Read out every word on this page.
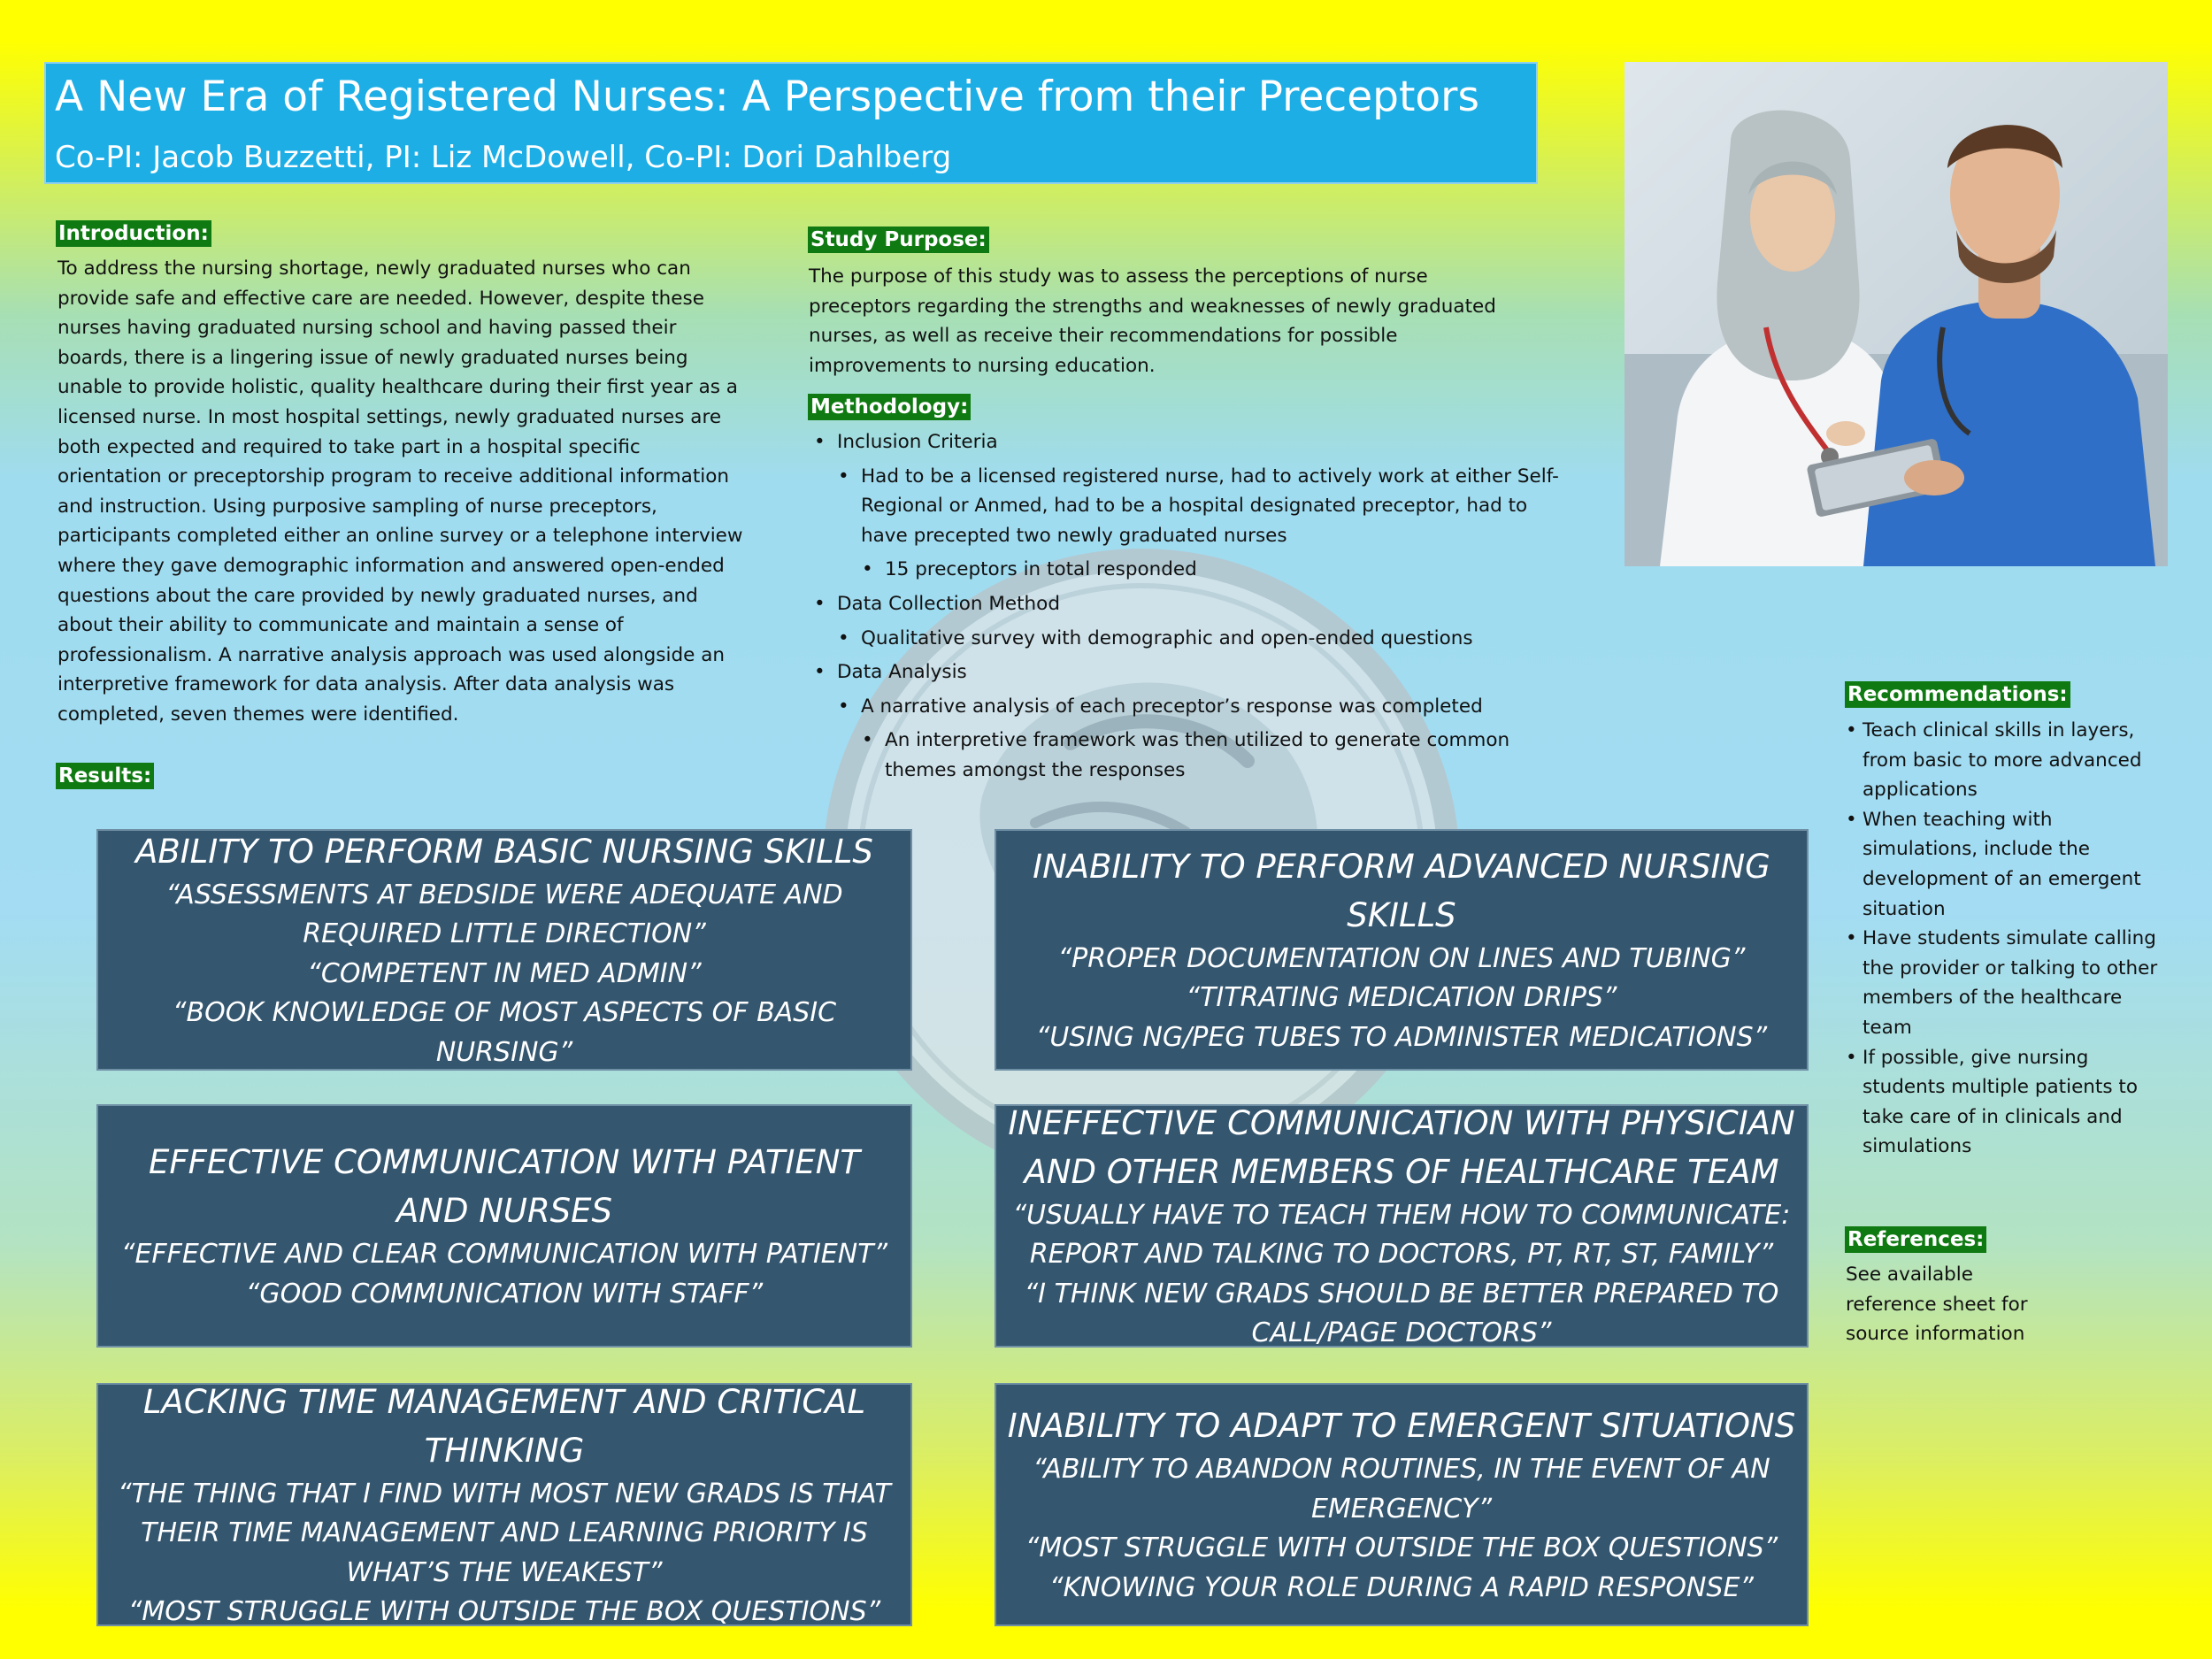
A New Era of Registered Nurses: A Perspective from their Preceptors
Co-PI: Jacob Buzzetti, PI: Liz McDowell, Co-PI: Dori Dahlberg
Introduction:
To address the nursing shortage, newly graduated nurses who can provide safe and effective care are needed. However, despite these nurses having graduated nursing school and having passed their boards, there is a lingering issue of newly graduated nurses being unable to provide holistic, quality healthcare during their first year as a licensed nurse. In most hospital settings, newly graduated nurses are both expected and required to take part in a hospital specific orientation or preceptorship program to receive additional information and instruction. Using purposive sampling of nurse preceptors, participants completed either an online survey or a telephone interview where they gave demographic information and answered open-ended questions about the care provided by newly graduated nurses, and about their ability to communicate and maintain a sense of professionalism. A narrative analysis approach was used alongside an interpretive framework for data analysis. After data analysis was completed, seven themes were identified.
Study Purpose:
The purpose of this study was to assess the perceptions of nurse preceptors regarding the strengths and weaknesses of newly graduated nurses, as well as receive their recommendations for possible improvements to nursing education.
Methodology:
• Inclusion Criteria
• Had to be a licensed registered nurse, had to actively work at either Self-Regional or Anmed, had to be a hospital designated preceptor, had to have precepted two newly graduated nurses
• 15 preceptors in total responded
• Data Collection Method
• Qualitative survey with demographic and open-ended questions
• Data Analysis
• A narrative analysis of each preceptor’s response was completed
• An interpretive framework was then utilized to generate common themes amongst the responses
Results:
ABILITY TO PERFORM BASIC NURSING SKILLS
“ASSESSMENTS AT BEDSIDE WERE ADEQUATE AND REQUIRED LITTLE DIRECTION”
“COMPETENT IN MED ADMIN”
“BOOK KNOWLEDGE OF MOST ASPECTS OF BASIC NURSING”
INABILITY TO PERFORM ADVANCED NURSING SKILLS
“PROPER DOCUMENTATION ON LINES AND TUBING”
“TITRATING MEDICATION DRIPS”
“USING NG/PEG TUBES TO ADMINISTER MEDICATIONS”
EFFECTIVE COMMUNICATION WITH PATIENT AND NURSES
“EFFECTIVE AND CLEAR COMMUNICATION WITH PATIENT”
“GOOD COMMUNICATION WITH STAFF”
INEFFECTIVE COMMUNICATION WITH PHYSICIAN AND OTHER MEMBERS OF HEALTHCARE TEAM
“USUALLY HAVE TO TEACH THEM HOW TO COMMUNICATE: REPORT AND TALKING TO DOCTORS, PT, RT, ST, FAMILY”
“I THINK NEW GRADS SHOULD BE BETTER PREPARED TO CALL/PAGE DOCTORS”
LACKING TIME MANAGEMENT AND CRITICAL THINKING
“THE THING THAT I FIND WITH MOST NEW GRADS IS THAT THEIR TIME MANAGEMENT AND LEARNING PRIORITY IS WHAT’S THE WEAKEST”
“MOST STRUGGLE WITH OUTSIDE THE BOX QUESTIONS”
INABILITY TO ADAPT TO EMERGENT SITUATIONS
“ABILITY TO ABANDON ROUTINES, IN THE EVENT OF AN EMERGENCY”
“MOST STRUGGLE WITH OUTSIDE THE BOX QUESTIONS”
“KNOWING YOUR ROLE DURING A RAPID RESPONSE”
Recommendations:
• Teach clinical skills in layers, from basic to more advanced applications
• When teaching with simulations, include the development of an emergent situation
• Have students simulate calling the provider or talking to other members of the healthcare team
• If possible, give nursing students multiple patients to take care of in clinicals and simulations
References:
See available reference sheet for source information
